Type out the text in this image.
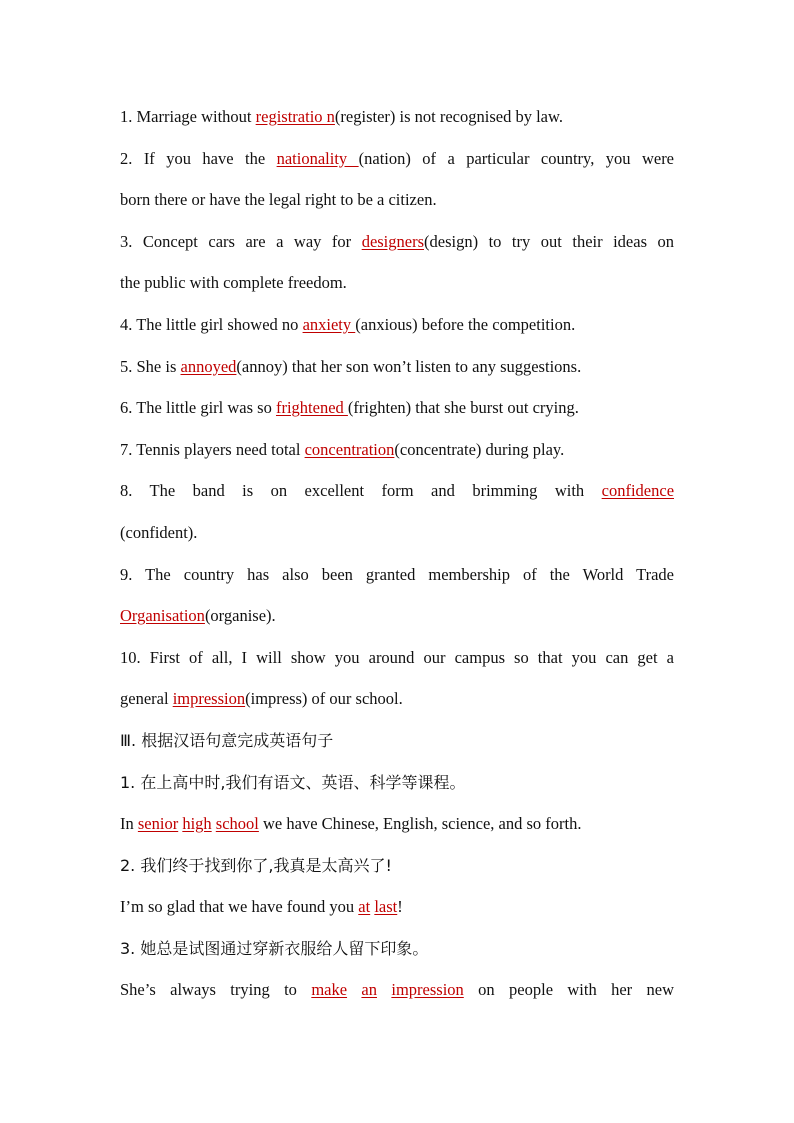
1. Marriage without registratio n(register) is not recognised by law.
2. If you have the nationality (nation) of a particular country, you were
born there or have the legal right to be a citizen.
3. Concept cars are a way for designers(design) to try out their ideas on
the public with complete freedom.
4. The little girl showed no anxiety (anxious) before the competition.
5. She is annoyed(annoy) that her son won’t listen to any suggestions.
6. The little girl was so frightened (frighten) that she burst out crying.
7. Tennis players need total concentration(concentrate) during play.
8. The band is on excellent form and brimming with confidence
(confident).
9. The country has also been granted membership of the World Trade
Organisation(organise).
10. First of all, I will show you around our campus so that you can get a
general impression(impress) of our school.
Ⅲ. 根据汉语句意完成英语句子
1. 在上高中时,我们有语文、英语、科学等课程。
In senior high school we have Chinese, English, science, and so forth.
2. 我们终于找到你了,我真是太高兴了!
I’m so glad that we have found you at last!
3. 她总是试图通过穿新衣服给人留下印象。
She’s always trying to make an impression on people with her new
